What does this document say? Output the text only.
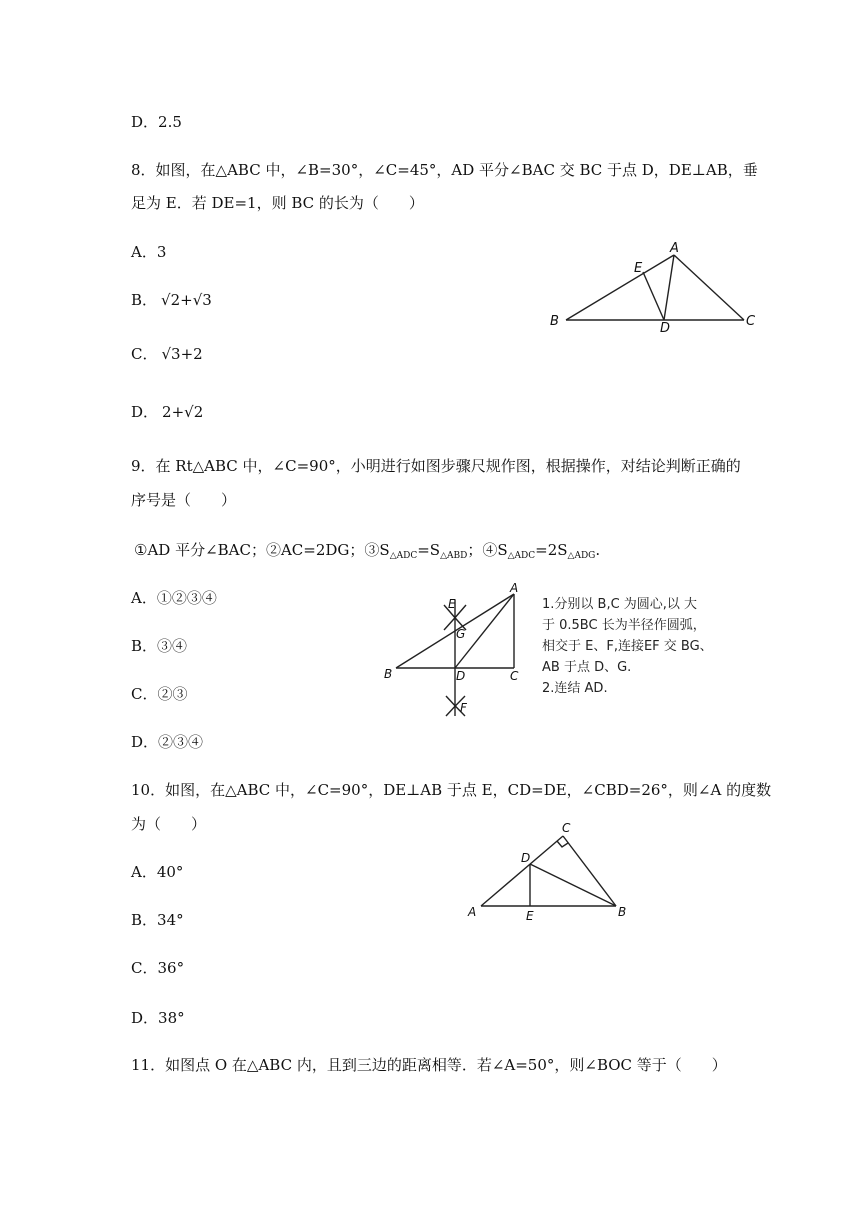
D．2.5
8．如图，在△ABC 中，∠B=30°，∠C=45°，AD 平分∠BAC 交 BC 于点 D，DE⊥AB，垂
足为 E．若 DE=1，则 BC 的长为（　　）
A．3
B． √2+√3
C． √3+2
D． 2+√2
A
E
B	D	C
9．在 Rt△ABC 中，∠C=90°，小明进行如图步骤尺规作图，根据操作，对结论判断正确的
序号是（　　）
①AD 平分∠BAC；②AC=2DG；$③S_{\triangle ADC}=S_{\triangle ABD}$；$④S_{\triangle ADC}=2S_{\triangle ADG}$.
A．①②③④
B．③④
C．②③
D．②③④
A
E
G
B	D	C
F
1.分别以 B,C 为圆心,以 大
于 0.5BC 长为半径作圆弧，
相交于 E、F,连接EF 交 BG、
AB 于点 D、G.
2.连结 AD.
10．如图，在△ABC 中，∠C=90°，DE⊥AB 于点 E，CD=DE，∠CBD=26°，则∠A 的度数
为（　　）
A．40°
B．34°
C．36°
D．38°
C
D
A	E	B
11．如图点 O 在△ABC 内，且到三边的距离相等．若∠A=50°，则∠BOC 等于（　　）
